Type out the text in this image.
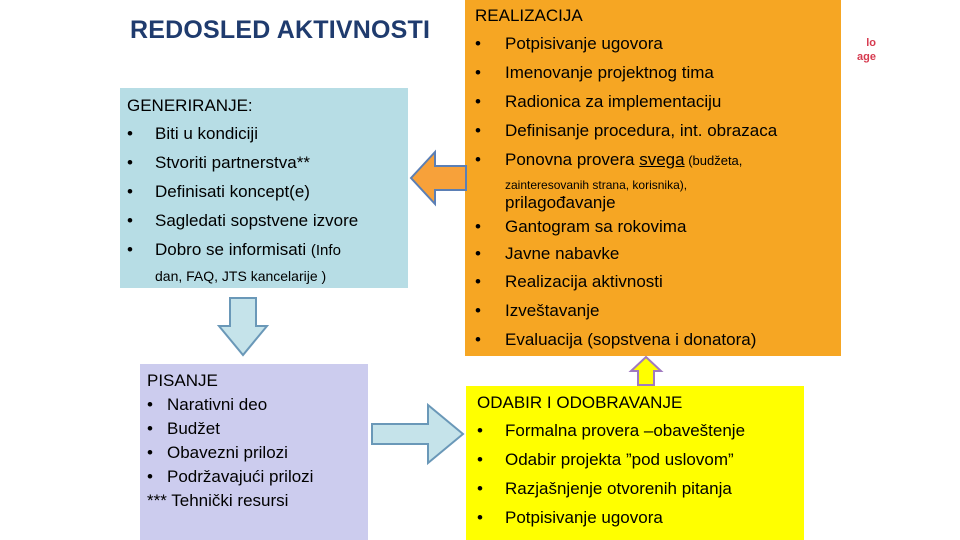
REDOSLED AKTIVNOSTI	lo
age
GENERIRANJE:
• Biti u kondiciji
• Stvoriti partnerstva**
• Definisati koncept(e)
• Sagledati sopstvene izvore
• Dobro se informisati (Info
dan, FAQ, JTS kancelarije )
REALIZACIJA
• Potpisivanje ugovora
• Imenovanje projektnog tima
• Radionica za implementaciju
• Definisanje procedura, int. obrazaca
• Ponovna provera svega (budžeta,
zainteresovanih strana, korisnika),
prilagođavanje
• Gantogram sa rokovima
• Javne nabavke
• Realizacija aktivnosti
• Izveštavanje
• Evaluacija (sopstvena i donatora)
PISANJE
• Narativni deo
• Budžet
• Obavezni prilozi
• Podržavajući prilozi
*** Tehnički resursi
ODABIR I ODOBRAVANJE
• Formalna provera –obaveštenje
• Odabir projekta ”pod uslovom”
• Razjašnjenje otvorenih pitanja
• Potpisivanje ugovora
